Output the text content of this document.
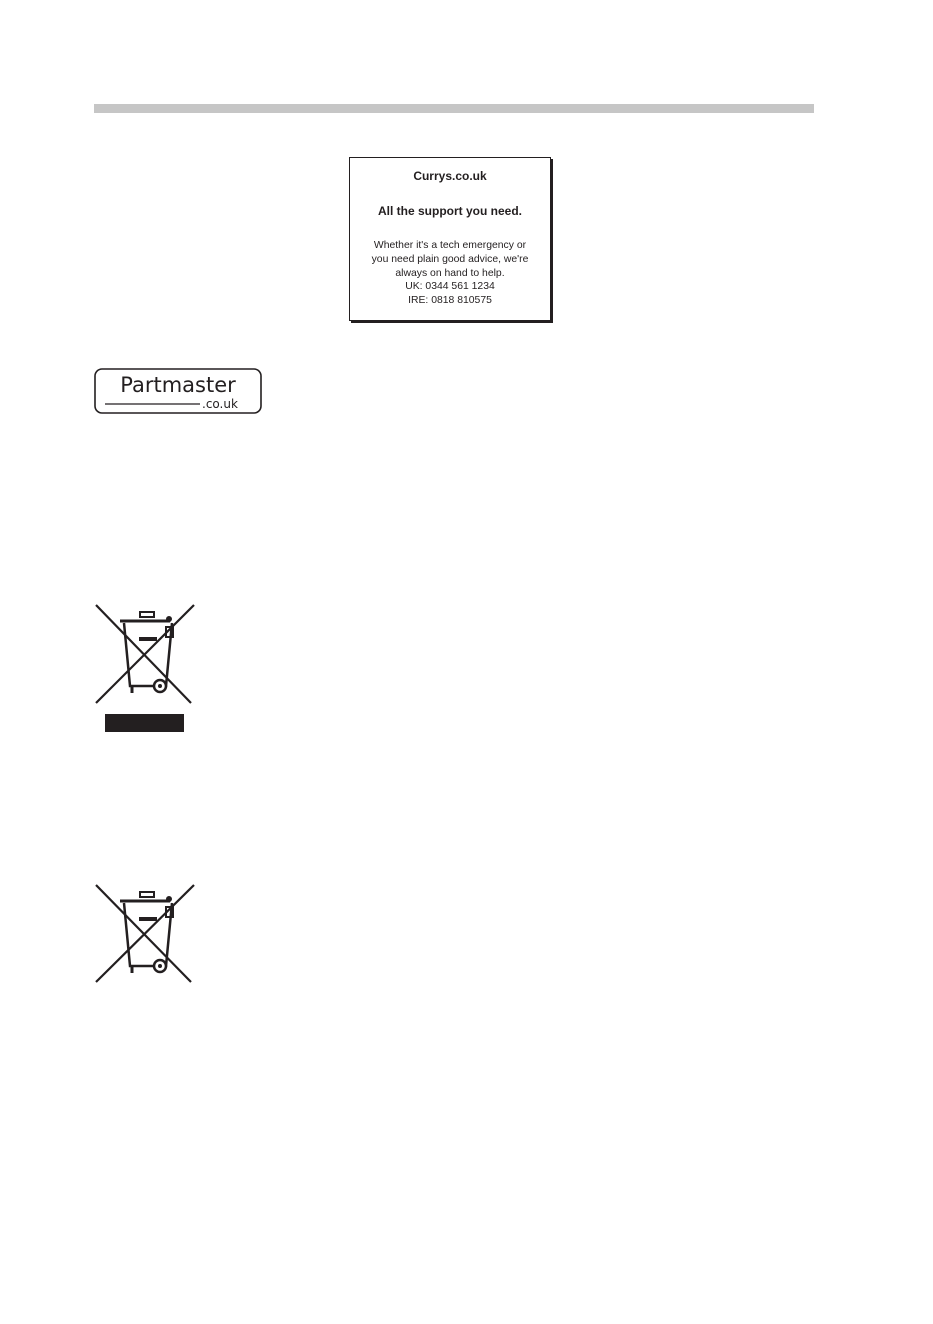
Currys.co.uk
All the support you need.
Whether it's a tech emergency or
you need plain good advice, we're
always on hand to help.
UK: 0344 561 1234
IRE: 0818 810575
Partmaster
.co.uk
